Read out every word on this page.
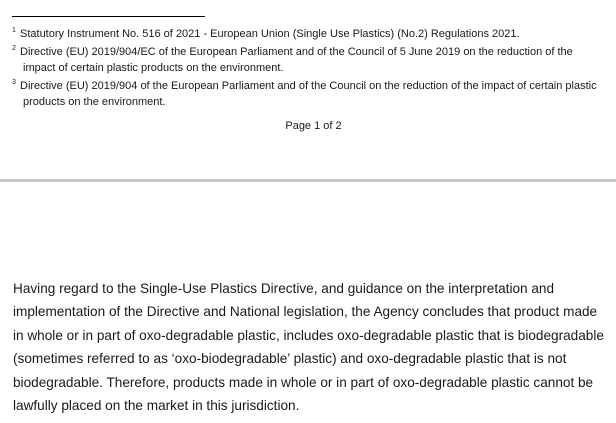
$^1$ Statutory Instrument No. 516 of 2021 - European Union (Single Use Plastics) (No.2) Regulations 2021.

$^2$ Directive (EU) 2019/904/EC of the European Parliament and of the Council of 5 June 2019 on the reduction of the impact of certain plastic products on the environment.

$^3$ Directive (EU) 2019/904 of the European Parliament and of the Council on the reduction of the impact of certain plastic products on the environment.

Page 1 of 2

Having regard to the Single-Use Plastics Directive, and guidance on the interpretation and implementation of the Directive and National legislation, the Agency concludes that product made in whole or in part of oxo-degradable plastic, includes oxo-degradable plastic that is biodegradable (sometimes referred to as ‘oxo-biodegradable’ plastic) and oxo-degradable plastic that is not biodegradable. Therefore, products made in whole or in part of oxo-degradable plastic cannot be lawfully placed on the market in this jurisdiction.
